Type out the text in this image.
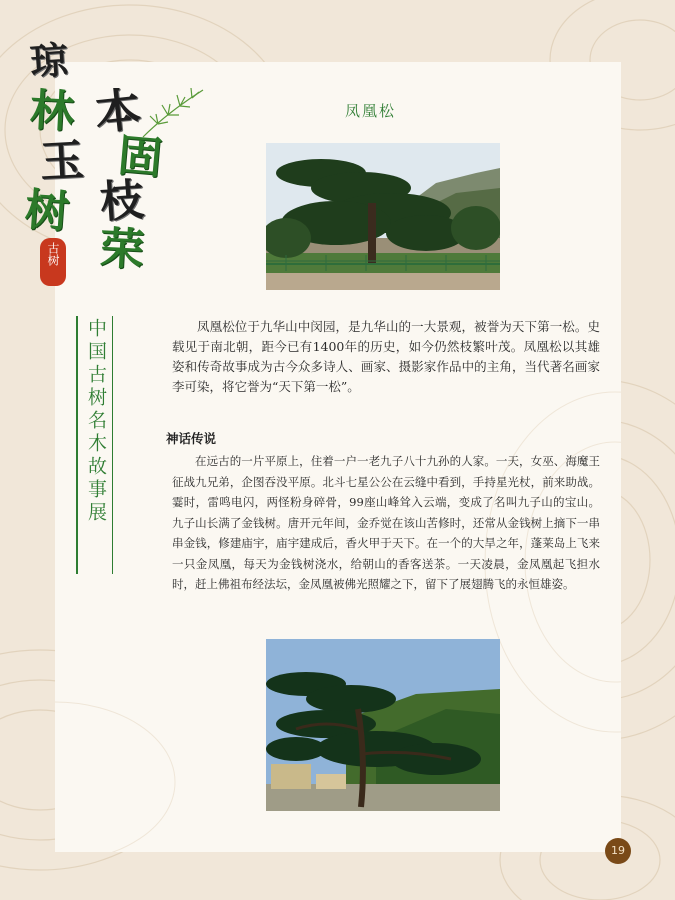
琼
林
玉
树
本
固
枝
荣
古树
中国古树名木故事展
凤凰松

凤凰松位于九华山中闵园，是九华山的一大景观，被誉为天下第一松。史载见于南北朝，距今已有1400年的历史，如今仍然枝繁叶茂。凤凰松以其雄姿和传奇故事成为古今众多诗人、画家、摄影家作品中的主角，当代著名画家李可染，将它誉为“天下第一松”。

神话传说

在远古的一片平原上，住着一户一老九子八十九孙的人家。一天，女巫、海魔王征战九兄弟，企图吞没平原。北斗七星公公在云缝中看到，手持星光杖，前来助战。霎时，雷鸣电闪，两怪粉身碎骨，99座山峰耸入云端，变成了名叫九子山的宝山。九子山长满了金钱树。唐开元年间，金乔觉在该山苦修时，还常从金钱树上摘下一串串金钱，修建庙宇，庙宇建成后，香火甲于天下。在一个的大旱之年，蓬莱岛上飞来一只金凤凰，每天为金钱树浇水，给朝山的香客送茶。一天凌晨，金凤凰起飞担水时，赶上佛祖布经法坛，金凤凰被佛光照耀之下，留下了展翅腾飞的永恒雄姿。

19
